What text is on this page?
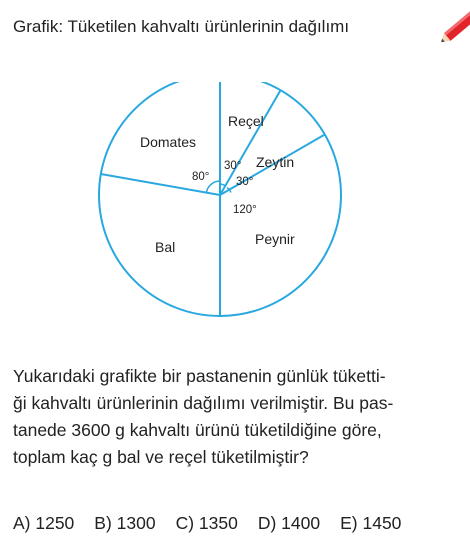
Grafik: Tüketilen kahvaltı ürünlerinin dağılımı
Reçel
Zeytin
Peynir
Bal
Domates
80°
30°
30°
120°
Yukarıdaki grafikte bir pastanenin günlük tüketti-
ği kahvaltı ürünlerinin dağılımı verilmiştir. Bu pas-
tanede 3600 g kahvaltı ürünü tüketildiğine göre,
toplam kaç g bal ve reçel tüketilmiştir?
A) 1250 B) 1300 C) 1350 D) 1400 E) 1450
